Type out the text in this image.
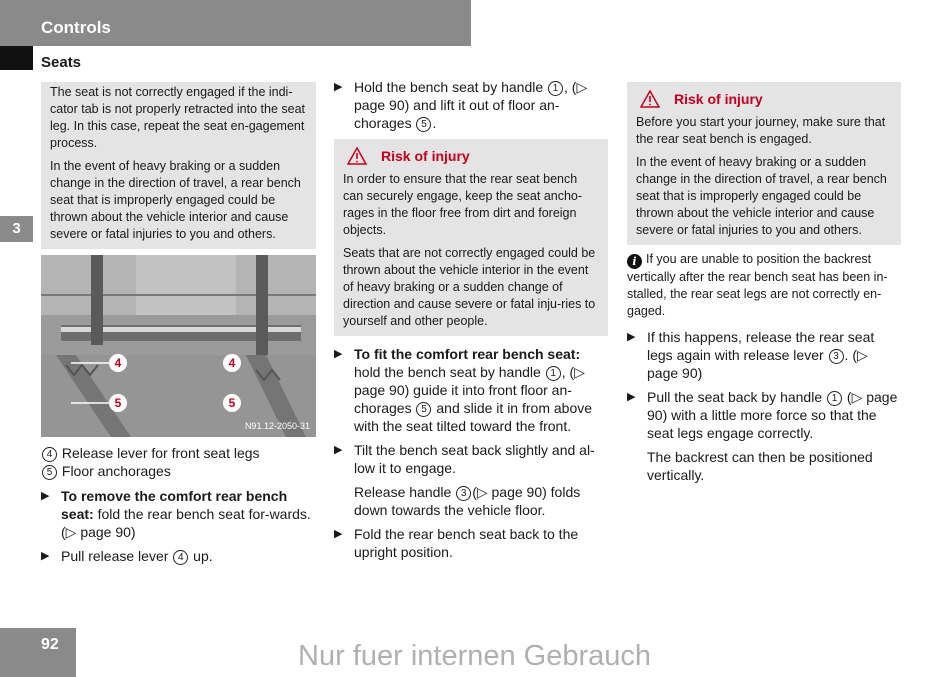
Controls
Seats
3

The seat is not correctly engaged if the indi-cator tab is not properly retracted into the seat leg. In this case, repeat the seat en-gagement process.

In the event of heavy braking or a sudden change in the direction of travel, a rear bench seat that is improperly engaged could be thrown about the vehicle interior and cause severe or fatal injuries to you and others.

4	4
5	5
N91.12-2050-31
4 Release lever for front seat legs
5 Floor anchorages
▶ To remove the comfort rear bench seat: fold the rear bench seat for-wards. (▷ page 90)
▶ Pull release lever 4 up.
▶ Hold the bench seat by handle 1 , (▷ page 90) and lift it out of floor an-chorages 5 .
Risk of injury

In order to ensure that the rear seat bench can securely engage, keep the seat ancho-rages in the floor free from dirt and foreign objects.

Seats that are not correctly engaged could be thrown about the vehicle interior in the event of heavy braking or a sudden change of direction and cause severe or fatal inju-ries to yourself and other people.

▶ To fit the comfort rear bench seat: hold the bench seat by handle 1 , (▷ page 90) guide it into front floor an-chorages 5 and slide it in from above with the seat tilted toward the front.
▶ Tilt the bench seat back slightly and al-low it to engage.

Release handle 3 (▷ page 90) folds down towards the vehicle floor.

▶ Fold the rear bench seat back to the upright position.
Risk of injury

Before you start your journey, make sure that the rear seat bench is engaged.

In the event of heavy braking or a sudden change in the direction of travel, a rear bench seat that is improperly engaged could be thrown about the vehicle interior and cause severe or fatal injuries to you and others.

i If you are unable to position the backrest vertically after the rear bench seat has been in-stalled, the rear seat legs are not correctly en-gaged.
▶ If this happens, release the rear seat legs again with release lever 3 . (▷ page 90)
▶ Pull the seat back by handle 1 (▷ page 90) with a little more force so that the seat legs engage correctly.

The backrest can then be positioned vertically.

92	Nur fuer internen Gebrauch
